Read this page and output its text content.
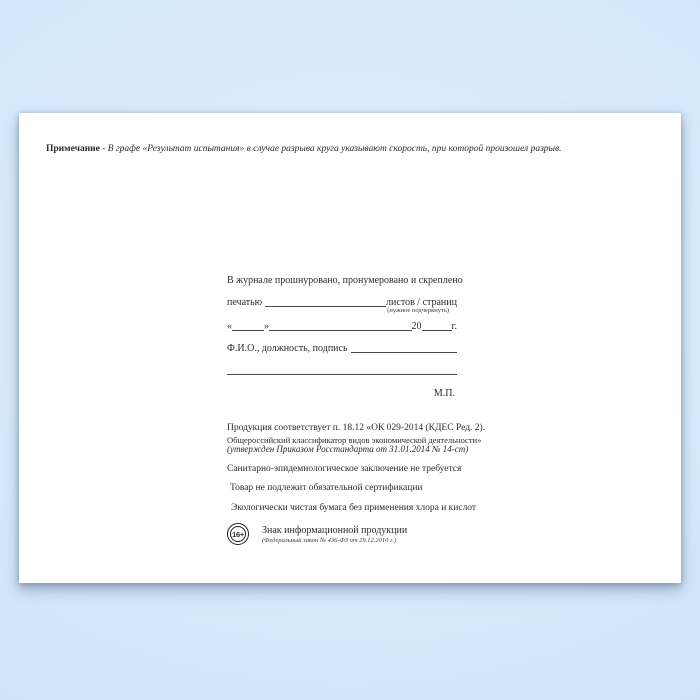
Примечание - В графе «Результат испытания» в случае разрыва круга указывают скорость, при которой произошел разрыв.
В журнале прошнуровано, пронумеровано и скреплено
печатью	листов / страниц
(нужное подчеркнуть)
«	»	20	г.
Ф.И.О., должность, подпись
М.П.
Продукция соответствует п. 18.12 «ОК 029-2014 (КДЕС Ред. 2).
Общероссийский классификатор видов экономической деятельности»
(утвержден Приказом Росстандарта от 31.01.2014 № 14-ст)
Санитарно-эпидемиологическое заключение не требуется
Товар не подлежит обязательной сертификации
Экологически чистая бумага без применения хлора и кислот
16+ Знак информационной продукции
(Федеральный закон № 436-ФЗ от 29.12.2010 г.)
